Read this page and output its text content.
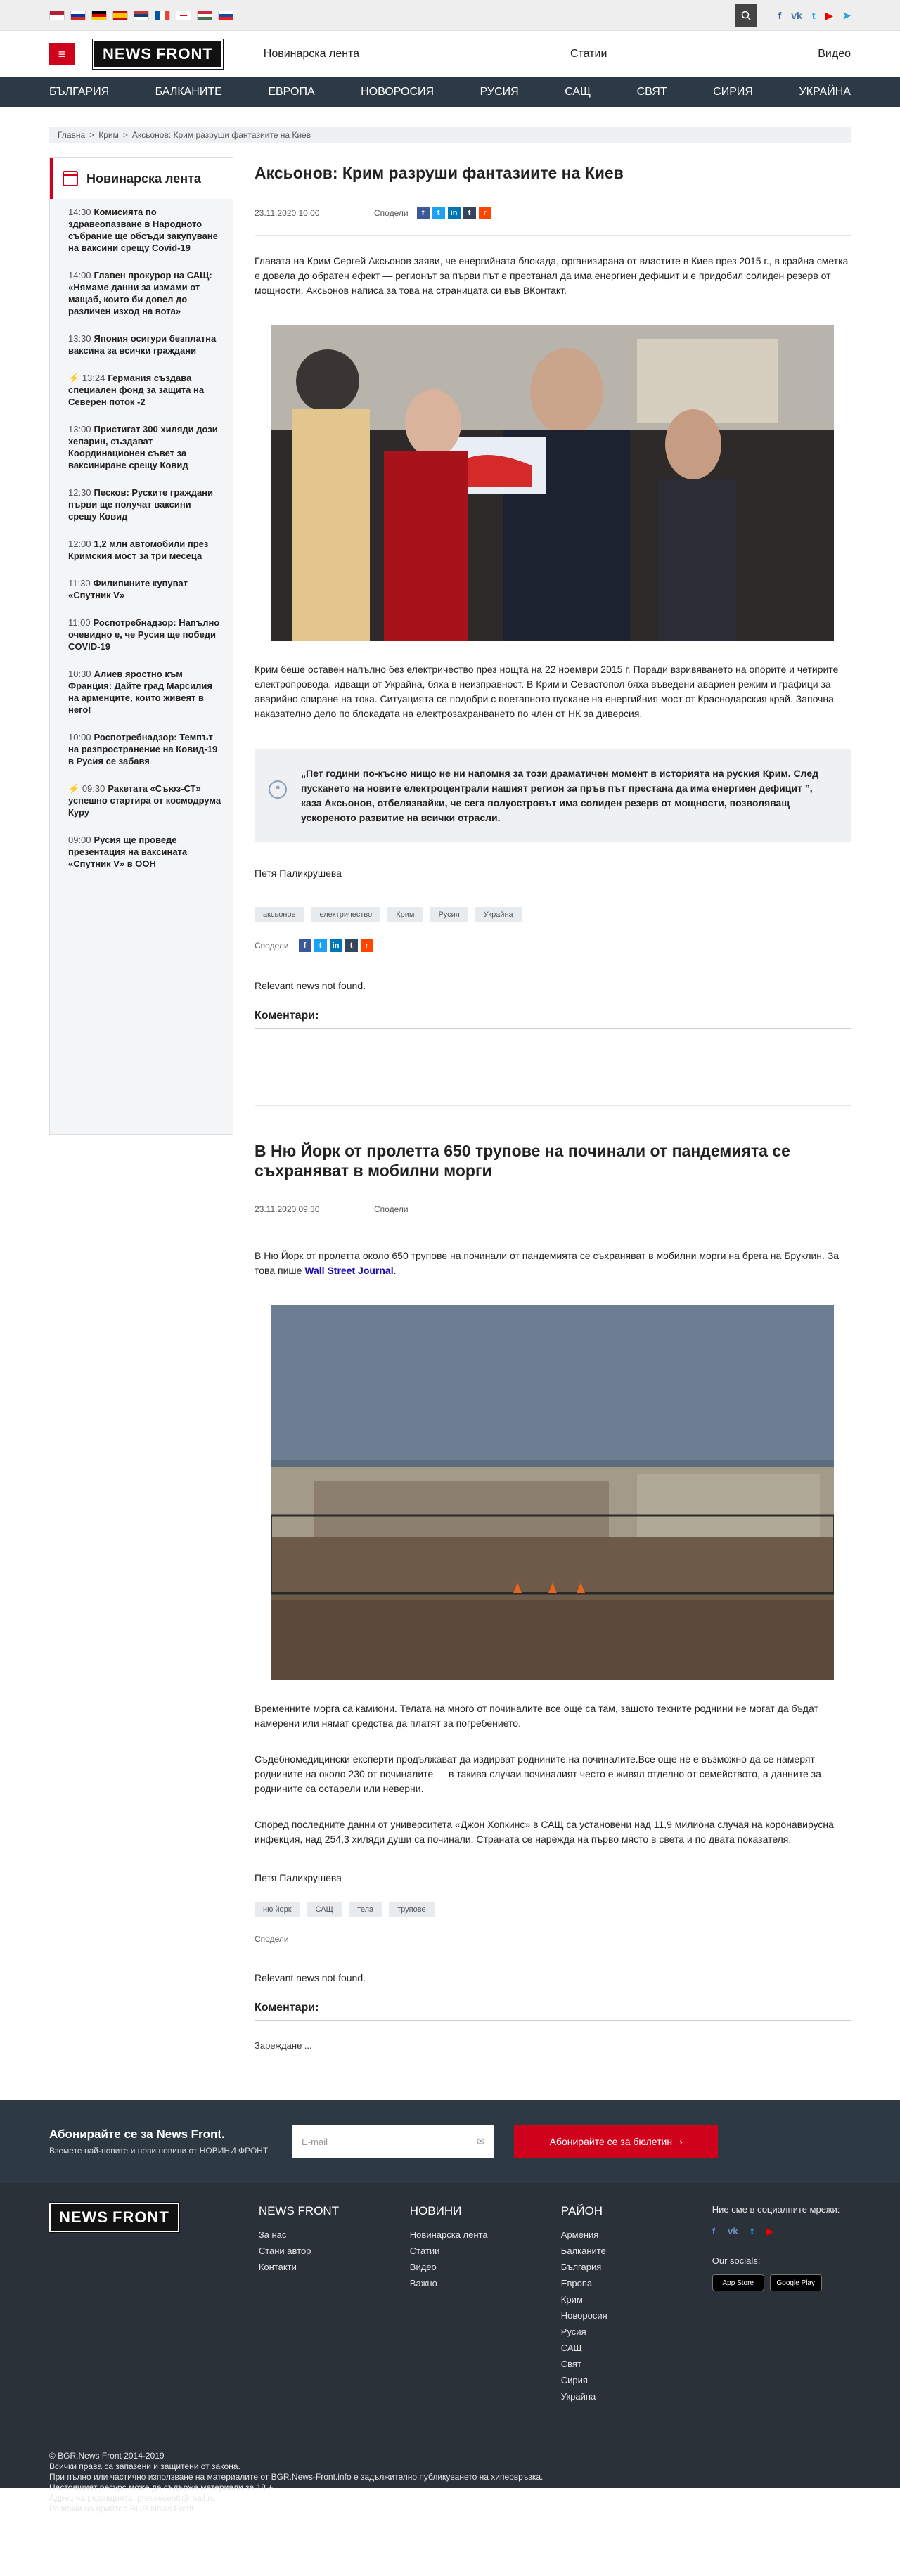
f vk t ▶ ➤
≡	NEWS FRONT	Новинарска лента	Статии	Видео
БЪЛГАРИЯ	БАЛКАНИТЕ	ЕВРОПА	НОВОРОСИЯ	РУСИЯ	САЩ	СВЯТ	СИРИЯ	УКРАЙНА
Главна > Крим > Аксьонов: Крим разруши фантазиите на Киев
Новинарска лента
14:30 Комисията по здравеопазване в Народното събрание ще обсъди закупуване на ваксини срещу Covid-19
14:00 Главен прокурор на САЩ: «Нямаме данни за измами от мащаб, които би довел до различен изход на вота»
13:30 Япония осигури безплатна ваксина за всички граждани
⚡ 13:24 Германия създава специален фонд за защита на Северен поток -2
13:00 Пристигат 300 хиляди дози хепарин, създават Координационен съвет за ваксиниране срещу Ковид
12:30 Песков: Руските граждани първи ще получат ваксини срещу Ковид
12:00 1,2 млн автомобили през Кримския мост за три месеца
11:30 Филипините купуват «Спутник V»
11:00 Роспотребнадзор: Напълно очевидно е, че Русия ще победи COVID-19
10:30 Алиев яростно към Франция: Дайте град Марсилия на арменците, които живеят в него!
10:00 Роспотребнадзор: Темпът на разпространение на Ковид-19 в Русия се забавя
⚡ 09:30 Ракетата «Съюз-СТ» успешно стартира от космодрума Куру
09:00 Русия ще проведе презентация на ваксината «Спутник V» в ООН
Аксьонов: Крим разруши фантазиите на Киев
23.11.2020 10:00	Сподели	f	t	in	t	r

Главата на Крим Сергей Аксьонов заяви, че енергийната блокада, организирана от властите в Киев през 2015 г., в крайна сметка е довела до обратен ефект — регионът за първи път е престанал да има енергиен дефицит и е придобил солиден резерв от мощности. Аксьонов написа за това на страницата си във ВКонтакт.

Крим беше оставен напълно без електричество през нощта на 22 ноември 2015 г. Поради взривяването на опорите и четирите електропровода, идващи от Украйна, бяха в неизправност. В Крим и Севастопол бяха въведени авариен режим и графици за аварийно спиране на тока. Ситуацията се подобри с поетапното пускане на енергийния мост от Краснодарския край. Започна наказателно дело по блокадата на електрозахранването по член от НК за диверсия.

❝
„Пет години по-късно нищо не ни напомня за този драматичен момент в историята на руския Крим. След пускането на новите електроцентрали нашият регион за пръв път престана да има енергиен дефицит ”, каза Аксьонов, отбелязвайки, че сега полуостровът има солиден резерв от мощности, позволяващ ускореното развитие на всички отрасли.

Петя Паликрушева

аксьонов	електричество	Крим	Русия	Украйна
Сподели	f	t	in	t	r

Relevant news not found.

Коментари:
В Ню Йорк от пролетта 650 трупове на починали от пандемията се съхраняват в мобилни морги
23.11.2020 09:30	Сподели

В Ню Йорк от пролетта около 650 трупове на починали от пандемията се съхраняват в мобилни морги на брега на Бруклин. За това пише Wall Street Journal.

Временните морга са камиони. Телата на много от починалите все още са там, защото техните роднини не могат да бъдат намерени или нямат средства да платят за погребението.

Съдебномедицински експерти продължават да издирват роднините на починалите.Все още не е възможно да се намерят роднините на около 230 от починалите — в такива случаи починалият често е живял отделно от семейството, а данните за роднините са остарели или неверни.

Според последните данни от университета «Джон Хопкинс» в САЩ са установени над 11,9 милиона случая на коронавирусна инфекция, над 254,3 хиляди души са починали. Страната се нарежда на първо място в света и по двата показателя.

Петя Паликрушева

ню йорк	САЩ	тела	трупове
Сподели

Relevant news not found.

Коментари:

Зареждане ...

Абонирайте се за News Front.

Вземете най-новите и нови новини от НОВИНИ ФРОНТ

E-mail	✉	Абонирайте се за бюлетин ›
NEWS FRONT	NEWS FRONT
За нас
Стани автор
Контакти
НОВИНИ
Новинарска лента
Статии
Видео
Важно
РАЙОН
Армения
Балканите
България
Европа
Крим
Новоросия
Русия
САЩ
Свят
Сирия
Украйна

Ние сме в социалните мрежи:

f vk t ▶

Our socials:

App Store	Google Play
© BGR.News Front 2014-2019
Всички права са запазени и защитени от закона.
При пълно или частично използване на материалите от BGR.News-Front.info е задължително публикуването на хипервръзка.
Настоящият ресурс може да съдържа материали за 18 +
Адрес на редакцията: pressecentr@mail.ru
Разкажи на приятел BGR.News Front
